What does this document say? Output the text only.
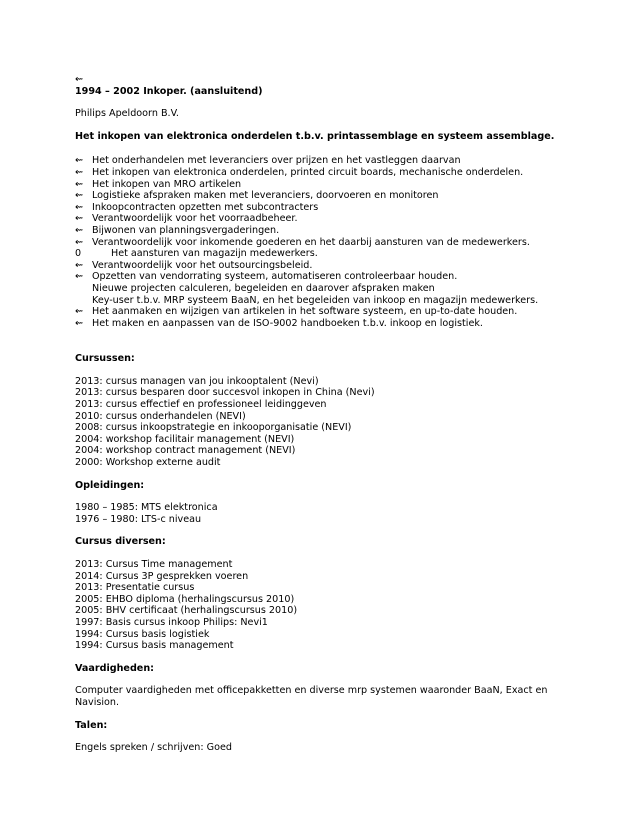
⇜

1994 – 2002 Inkoper. (aansluitend)

Philips Apeldoorn B.V.

Het inkopen van elektronica onderdelen t.b.v. printassemblage en systeem assemblage.

⇜ Het onderhandelen met leveranciers over prijzen en het vastleggen daarvan
⇜ Het inkopen van elektronica onderdelen, printed circuit boards, mechanische onderdelen.
⇜ Het inkopen van MRO artikelen
⇜ Logistieke afspraken maken met leveranciers, doorvoeren en monitoren
⇜ Inkoopcontracten opzetten met subcontracters
⇜ Verantwoordelijk voor het voorraadbeheer.
⇜ Bijwonen van planningsvergaderingen.
⇜ Verantwoordelijk voor inkomende goederen en het daarbij aansturen van de medewerkers.
0	Het aansturen van magazijn medewerkers.
⇜ Verantwoordelijk voor het outsourcingsbeleid.
⇜ Opzetten van vendorrating systeem, automatiseren controleerbaar houden.

Nieuwe projecten calculeren, begeleiden en daarover afspraken maken

Key-user t.b.v. MRP systeem BaaN, en het begeleiden van inkoop en magazijn medewerkers.

⇜ Het aanmaken en wijzigen van artikelen in het software systeem, en up-to-date houden.
⇜ Het maken en aanpassen van de ISO-9002 handboeken t.b.v. inkoop en logistiek.

Cursussen:

2013: cursus managen van jou inkooptalent (Nevi)

2013: cursus besparen door succesvol inkopen in China (Nevi)

2013: cursus effectief en professioneel leidinggeven

2010: cursus onderhandelen (NEVI)

2008: cursus inkoopstrategie en inkooporganisatie (NEVI)

2004: workshop facilitair management (NEVI)

2004: workshop contract management (NEVI)

2000: Workshop externe audit

Opleidingen:

1980 – 1985: MTS elektronica

1976 – 1980: LTS-c niveau

Cursus diversen:

2013: Cursus Time management

2014: Cursus 3P gesprekken voeren

2013: Presentatie cursus

2005: EHBO diploma (herhalingscursus 2010)

2005: BHV certificaat (herhalingscursus 2010)

1997: Basis cursus inkoop Philips: Nevi1

1994: Cursus basis logistiek

1994: Cursus basis management

Vaardigheden:

Computer vaardigheden met officepakketten en diverse mrp systemen waaronder BaaN, Exact en Navision.

Talen:

Engels spreken / schrijven: Goed
